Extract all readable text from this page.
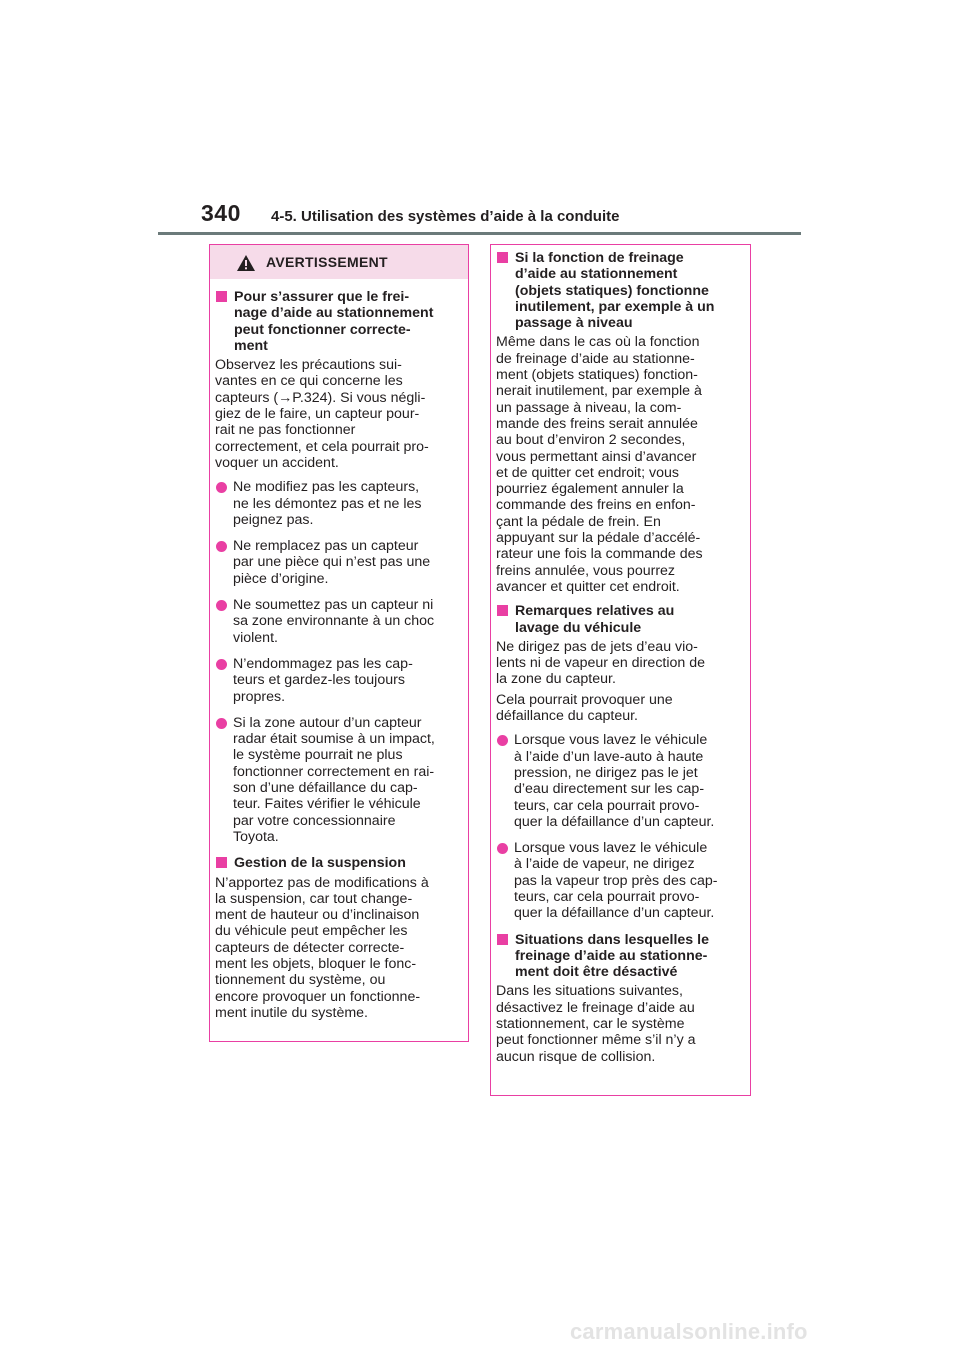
340 4-5. Utilisation des systèmes d’aide à la conduite
AVERTISSEMENT
Pour s’assurer que le frei-
nage d’aide au stationnement
peut fonctionner correcte-
ment
Observez les précautions sui-
vantes en ce qui concerne les
capteurs (→P.324). Si vous négli-
giez de le faire, un capteur pour-
rait ne pas fonctionner
correctement, et cela pourrait pro-
voquer un accident.
Ne modifiez pas les capteurs,
ne les démontez pas et ne les
peignez pas.
Ne remplacez pas un capteur
par une pièce qui n’est pas une
pièce d’origine.
Ne soumettez pas un capteur ni
sa zone environnante à un choc
violent.
N’endommagez pas les cap-
teurs et gardez-les toujours
propres.
Si la zone autour d’un capteur
radar était soumise à un impact,
le système pourrait ne plus
fonctionner correctement en rai-
son d’une défaillance du cap-
teur. Faites vérifier le véhicule
par votre concessionnaire
Toyota.
Gestion de la suspension
N’apportez pas de modifications à
la suspension, car tout change-
ment de hauteur ou d’inclinaison
du véhicule peut empêcher les
capteurs de détecter correcte-
ment les objets, bloquer le fonc-
tionnement du système, ou
encore provoquer un fonctionne-
ment inutile du système.
Si la fonction de freinage
d’aide au stationnement
(objets statiques) fonctionne
inutilement, par exemple à un
passage à niveau
Même dans le cas où la fonction
de freinage d’aide au stationne-
ment (objets statiques) fonction-
nerait inutilement, par exemple à
un passage à niveau, la com-
mande des freins serait annulée
au bout d’environ 2 secondes,
vous permettant ainsi d’avancer
et de quitter cet endroit; vous
pourriez également annuler la
commande des freins en enfon-
çant la pédale de frein. En
appuyant sur la pédale d’accélé-
rateur une fois la commande des
freins annulée, vous pourrez
avancer et quitter cet endroit.
Remarques relatives au
lavage du véhicule
Ne dirigez pas de jets d’eau vio-
lents ni de vapeur en direction de
la zone du capteur.
Cela pourrait provoquer une
défaillance du capteur.
Lorsque vous lavez le véhicule
à l’aide d’un lave-auto à haute
pression, ne dirigez pas le jet
d’eau directement sur les cap-
teurs, car cela pourrait provo-
quer la défaillance d’un capteur.
Lorsque vous lavez le véhicule
à l’aide de vapeur, ne dirigez
pas la vapeur trop près des cap-
teurs, car cela pourrait provo-
quer la défaillance d’un capteur.
Situations dans lesquelles le
freinage d’aide au stationne-
ment doit être désactivé
Dans les situations suivantes,
désactivez le freinage d’aide au
stationnement, car le système
peut fonctionner même s’il n’y a
aucun risque de collision.
carmanualsonline.info
